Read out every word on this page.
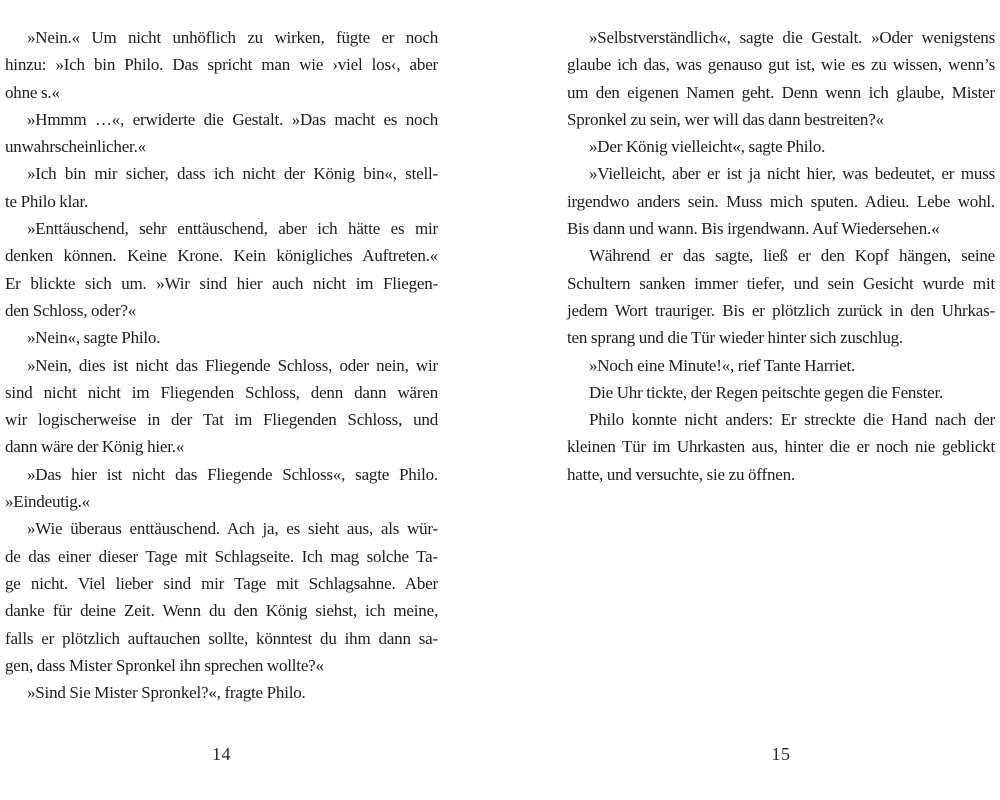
»Nein.« Um nicht unhöflich zu wirken, fügte er noch
hinzu: »Ich bin Philo. Das spricht man wie ›viel los‹, aber
ohne s.«
»Hmmm …«, erwiderte die Gestalt. »Das macht es noch
unwahrscheinlicher.«
»Ich bin mir sicher, dass ich nicht der König bin«, stell-
te Philo klar.
»Enttäuschend, sehr enttäuschend, aber ich hätte es mir
denken können. Keine Krone. Kein königliches Auftreten.«
Er blickte sich um. »Wir sind hier auch nicht im Fliegen-
den Schloss, oder?«
»Nein«, sagte Philo.
»Nein, dies ist nicht das Fliegende Schloss, oder nein, wir
sind nicht nicht im Fliegenden Schloss, denn dann wären
wir logischerweise in der Tat im Fliegenden Schloss, und
dann wäre der König hier.«
»Das hier ist nicht das Fliegende Schloss«, sagte Philo.
»Eindeutig.«
»Wie überaus enttäuschend. Ach ja, es sieht aus, als wür-
de das einer dieser Tage mit Schlagseite. Ich mag solche Ta-
ge nicht. Viel lieber sind mir Tage mit Schlagsahne. Aber
danke für deine Zeit. Wenn du den König siehst, ich meine,
falls er plötzlich auftauchen sollte, könntest du ihm dann sa-
gen, dass Mister Spronkel ihn sprechen wollte?«
»Sind Sie Mister Spronkel?«, fragte Philo.
14
»Selbstverständlich«, sagte die Gestalt. »Oder wenigstens
glaube ich das, was genauso gut ist, wie es zu wissen, wenn’s
um den eigenen Namen geht. Denn wenn ich glaube, Mister
Spronkel zu sein, wer will das dann bestreiten?«
»Der König vielleicht«, sagte Philo.
»Vielleicht, aber er ist ja nicht hier, was bedeutet, er muss
irgendwo anders sein. Muss mich sputen. Adieu. Lebe wohl.
Bis dann und wann. Bis irgendwann. Auf Wiedersehen.«
Während er das sagte, ließ er den Kopf hängen, seine
Schultern sanken immer tiefer, und sein Gesicht wurde mit
jedem Wort trauriger. Bis er plötzlich zurück in den Uhrkas-
ten sprang und die Tür wieder hinter sich zuschlug.
»Noch eine Minute!«, rief Tante Harriet.
Die Uhr tickte, der Regen peitschte gegen die Fenster.
Philo konnte nicht anders: Er streckte die Hand nach der
kleinen Tür im Uhrkasten aus, hinter die er noch nie geblickt
hatte, und versuchte, sie zu öffnen.
15
